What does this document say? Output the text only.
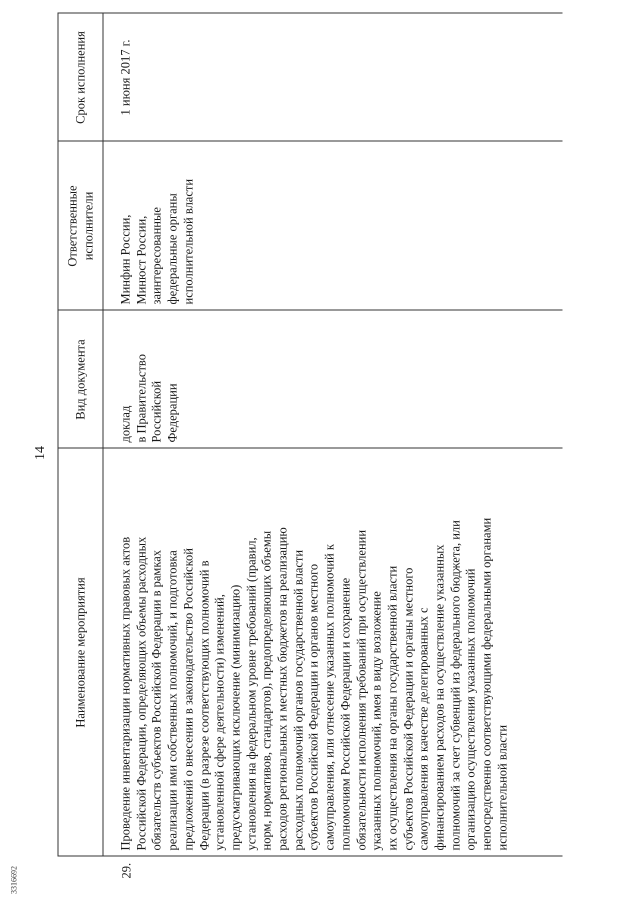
14
3316692
Наименование мероприятия
Вид документа
Ответственные исполнители
Срок исполнения
29.

Проведение инвентаризации нормативных правовых актов Российской Федерации, определяющих объемы расходных обязательств субъектов Российской Федерации в рамках реализации ими собственных полномочий, и подготовка предложений о внесении в законодательство Российской Федерации (в разрезе соответствующих полномочий в установленной сфере деятельности) изменений, предусматривающих исключение (минимизацию) установления на федеральном уровне требований (правил, норм, нормативов, стандартов), предопределяющих объемы расходов региональных и местных бюджетов на реализацию расходных полномочий органов государственной власти субъектов Российской Федерации и органов местного самоуправления, или отнесение указанных полномочий к полномочиям Российской Федерации и сохранение обязательности исполнения требований при осуществлении указанных полномочий, имея в виду возложение их осуществления на органы государственной власти субъектов Российской Федерации и органы местного самоуправления в качестве делегированных с финансированием расходов на осуществление указанных полномочий за счет субвенций из федерального бюджета, или организацию осуществления указанных полномочий непосредственно соответствующими федеральными органами исполнительной власти

доклад в Правительство Российской Федерации

Минфин России, Минюст России, заинтересованные федеральные органы исполнительной власти

1 июня 2017 г.
